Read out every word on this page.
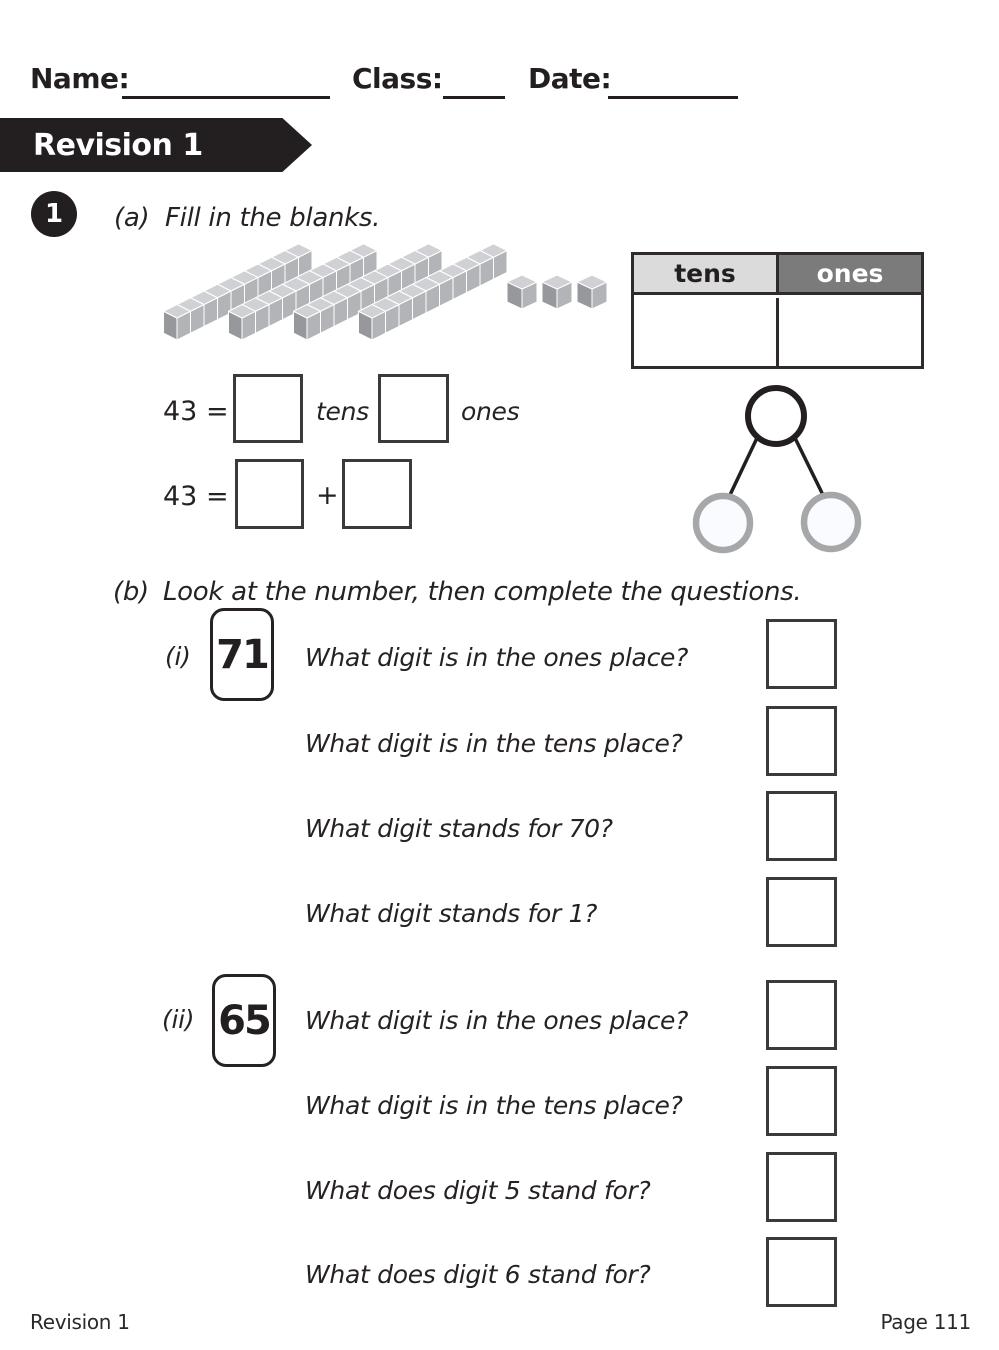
Name:	Class:	Date:
Revision 1
1	(a) Fill in the blanks.
tens	ones
43 =	tens	ones
43 =	+
(b) Look at the number, then complete the questions.
(i) 71 What digit is in the ones place?
What digit is in the tens place?
What digit stands for 70?
What digit stands for 1?
(ii) 65 What digit is in the ones place?
What digit is in the tens place?
What does digit 5 stand for?
What does digit 6 stand for?
Revision 1	Page 111
